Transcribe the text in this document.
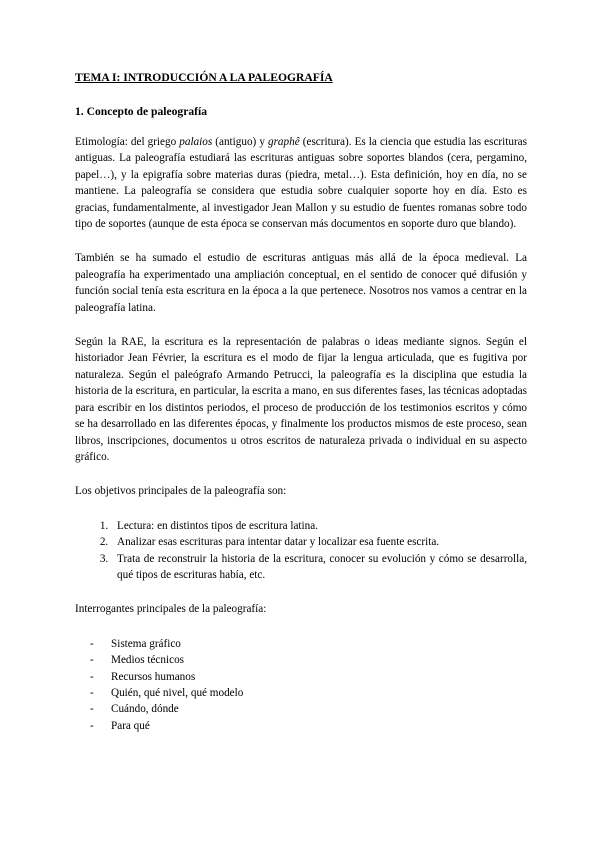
TEMA I: INTRODUCCIÓN A LA PALEOGRAFÍA
1. Concepto de paleografía

Etimología: del griego palaios (antiguo) y graphê (escritura). Es la ciencia que estudia las escrituras antiguas. La paleografía estudiará las escrituras antiguas sobre soportes blandos (cera, pergamino, papel…), y la epigrafía sobre materias duras (piedra, metal…). Esta definición, hoy en día, no se mantiene. La paleografía se considera que estudia sobre cualquier soporte hoy en día. Esto es gracias, fundamentalmente, al investigador Jean Mallon y su estudio de fuentes romanas sobre todo tipo de soportes (aunque de esta época se conservan más documentos en soporte duro que blando).

También se ha sumado el estudio de escrituras antiguas más allá de la época medieval. La paleografía ha experimentado una ampliación conceptual, en el sentido de conocer qué difusión y función social tenía esta escritura en la época a la que pertenece. Nosotros nos vamos a centrar en la paleografía latina.

Según la RAE, la escritura es la representación de palabras o ideas mediante signos. Según el historiador Jean Février, la escritura es el modo de fijar la lengua articulada, que es fugitiva por naturaleza. Según el paleógrafo Armando Petrucci, la paleografía es la disciplina que estudia la historia de la escritura, en particular, la escrita a mano, en sus diferentes fases, las técnicas adoptadas para escribir en los distintos periodos, el proceso de producción de los testimonios escritos y cómo se ha desarrollado en las diferentes épocas, y finalmente los productos mismos de este proceso, sean libros, inscripciones, documentos u otros escritos de naturaleza privada o individual en su aspecto gráfico.

Los objetivos principales de la paleografía son:

1. Lectura: en distintos tipos de escritura latina.
2. Analizar esas escrituras para intentar datar y localizar esa fuente escrita.
3. Trata de reconstruir la historia de la escritura, conocer su evolución y cómo se desarrolla, qué tipos de escrituras había, etc.

Interrogantes principales de la paleografía:

- Sistema gráfico
- Medios técnicos
- Recursos humanos
- Quién, qué nivel, qué modelo
- Cuándo, dónde
- Para qué
